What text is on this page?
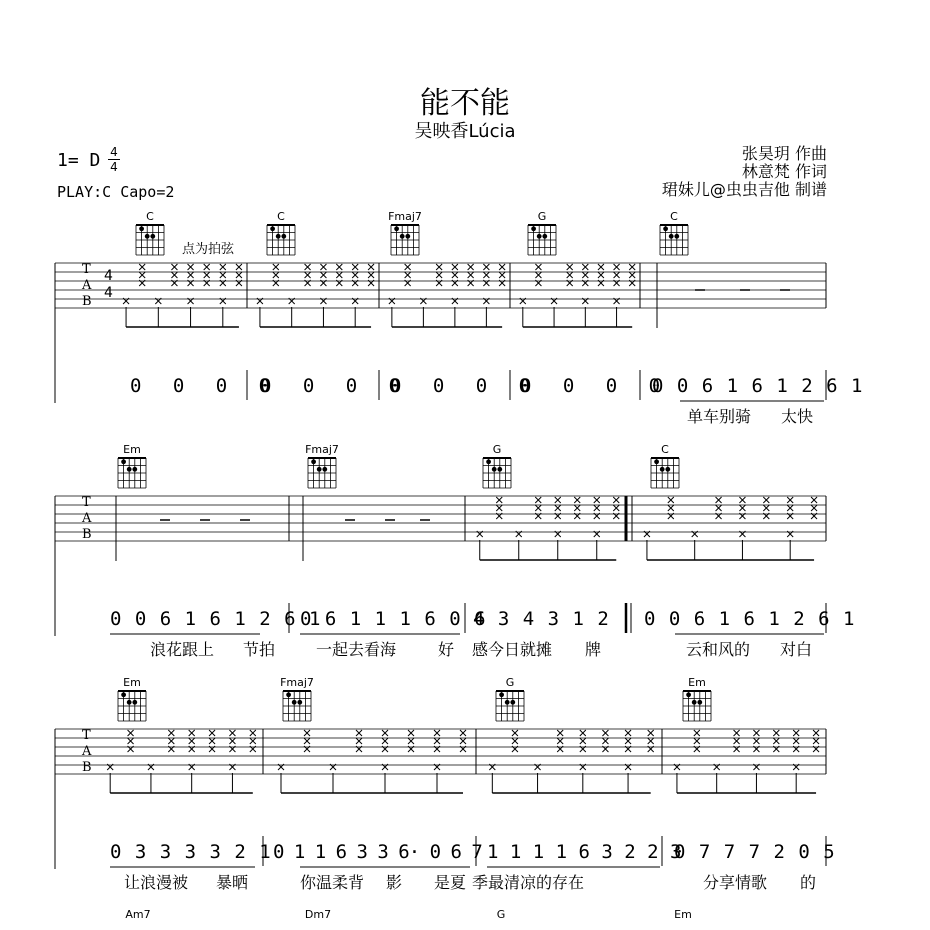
能不能
吴映香Lúcia
1= D 4
4
PLAY:C Capo=2
张昊玥 作曲
林意梵 作词
珺妹儿@虫虫吉他 制谱
点为拍弦
C	C	Fmaj7	G	C
Em	Fmaj7	G	C
Em	Fmaj7	G	Em
Am7	Dm7	G	Em
T
A
B
T
A
B
T
A
B
4
4
0 0 0 0
0 0 0 0
0 0 0 0
0 0 0 0
0 0 6 1 6 1 2 6 1
单车别骑 太快
0 0 6 1 6 1 2 6 1
0 6 1 1 1 6 0 6
4 3 4 3 1 2 0 0 6 1 6 1 2 6 1
浪花跟上 节拍	一起去看海	好 感今日就摊 牌	云和风的 对白
0 3 3 3 3 2 1 0 1 1 6 3 3 6· 0 6 7 1 1 1 1 6 3 2 2 3
0 7 7 7 2 0 5
让浪漫被 暴晒	你温柔背 影 是夏 季最清凉的存在	分享情歌 的
